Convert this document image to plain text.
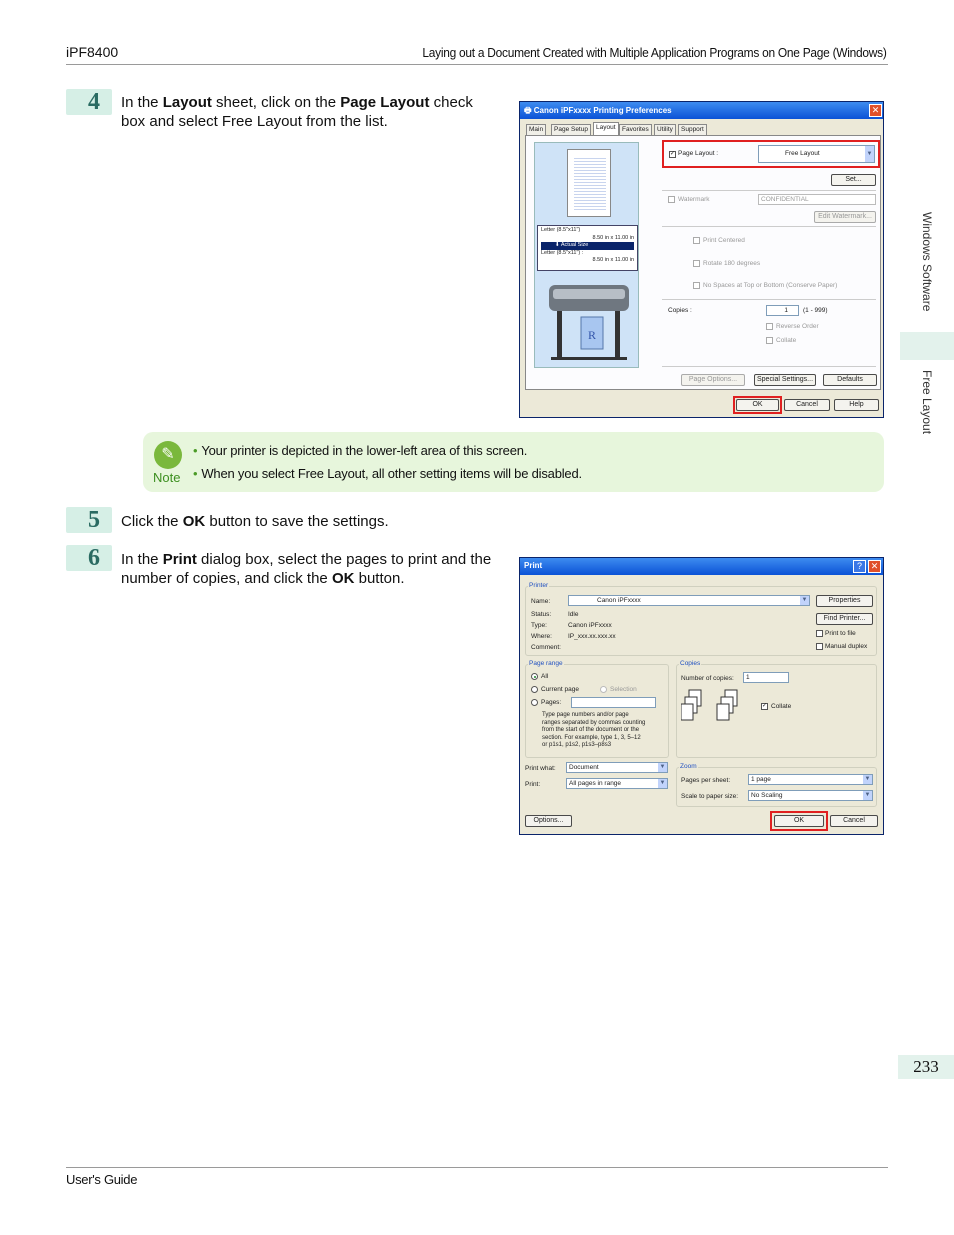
iPF8400	Laying out a Document Created with Multiple Application Programs on One Page (Windows)
Windows Software
Free Layout
4	In the Layout sheet, click on the Page Layout check box and select Free Layout from the list.
🖶 Canon iPFxxxx Printing Preferences	✕
Main	Page Setup	Layout Favorites	Utility	Support
Letter (8.5"x11")
8.50 in x 11.00 in
⬇ Actual Size
Letter (8.5"x11") :
8.50 in x 11.00 in
R
✓ Page Layout :	Free Layout	▼
Set...
Watermark	CONFIDENTIAL
Edit Watermark...
Print Centered
Rotate 180 degrees
No Spaces at Top or Bottom (Conserve Paper)
Copies :	1	(1 - 999)
Reverse Order
Collate
Page Options...	Special Settings...	Defaults
OK	Cancel	Help
✎
Note
• Your printer is depicted in the lower-left area of this screen.
• When you select Free Layout, all other setting items will be disabled.
5	Click the OK button to save the settings.
6	In the Print dialog box, select the pages to print and the number of copies, and click the OK button.
Print	? ✕
Printer
Name:	Canon iPFxxxx	▼
Status:	Idle
Type:	Canon iPFxxxx
Where: IP_xxx.xx.xxx.xx
Comment:
Properties
Find Printer...
Print to file
Manual duplex
Page range
All
Current page	Selection
Pages:
Type page numbers and/or page
ranges separated by commas counting
from the start of the document or the
section. For example, type 1, 3, 5–12
or p1s1, p1s2, p1s3–p8s3
Copies
Number of copies:	1
✓ Collate
Print what:	Document	▼
Print:	All pages in range	▼
Zoom
Pages per sheet:	1 page	▼
Scale to paper size:	No Scaling	▼
Options...	OK	Cancel
233
User's Guide
